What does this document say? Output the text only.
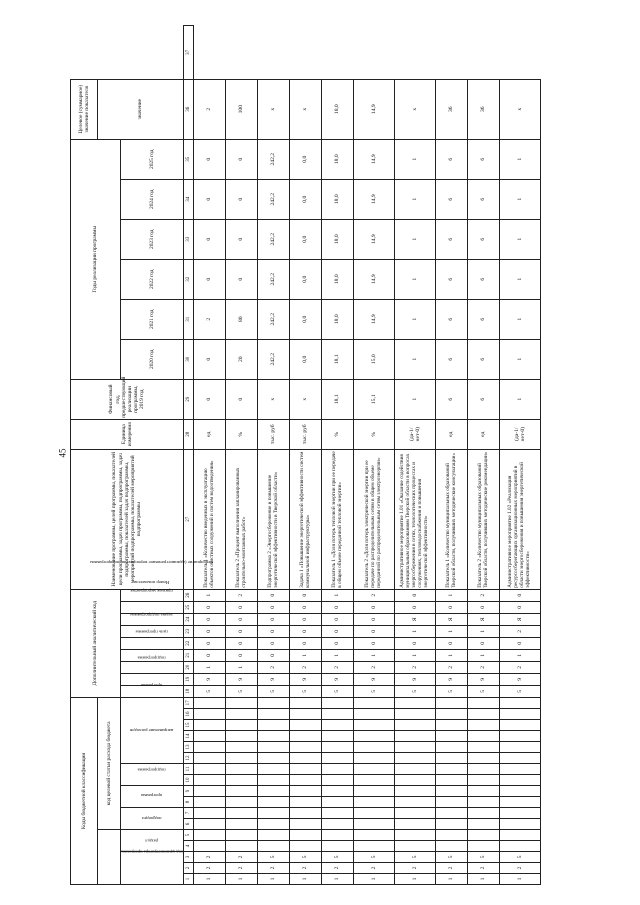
45
Коды бюджетной классификации																	Дополнительный аналитический код									Наименование программы, целей программы, показателей цели программы, задач программы, подпрограммы, задач подпрограммы, показателей задач подпрограммы, мероприятий подпрограммы, показателей мероприятий подпрограммы	Единица измерения	Финансовый год, предшествующий реализации программы, 2019 год	Годы реализации программы						Целевое (суммарное) значение показателя	
					код целевой статьи расхода бюджета																														значение	
код администратора программы			раздел		подраздел		программа		подпрограмма		направление расходов						программа		подпрограмма		цель программы	задача подпрограммы	мероприятие (административное мероприятие) подпрограммы	признак мероприятия	Номер показателя				2020 год	2021 год	2022 год	2023 год	2024 год	2025 год		
1	2	3	4	5	6	7	8	9	10	11	12	13	14	15	16	17	18	19	20	21	22	23	24	25	26	27	28	29	30	31	32	33	34	35	36	37
1	2	2															5	9	1	0	0	0	0	0	1	Показатель 1 «Количество введенных в эксплуатацию объектов очистных сооружений и систем водоотведения»	ед	0	0	2	0	0	0	0	2	
1	2	2															5	9	1	0	0	0	0	0	2	Показатель 2 «Процент выполнения запланированных строительно-монтажных работ»	%	0	20	80	0	0	0	0	100	
1	2	5															5	9	2	0	0	0	0	0	0	Подпрограмма 2 «Энергосбережение и повышение энергетической эффективности в Тверской области»	тыс. руб	х	242,2	242,2	242,2	242,2	242,2	242,2	х	
1	2	5															5	9	2	1	0	0	0	0	0	Задача 1 «Повышение энергетической эффективности систем коммунальной инфраструктуры»	тыс. руб	х	0,0	0,0	0,0	0,0	0,0	0,0	х	
1	2	5															5	9	2	1	0	0	0	0	1	Показатель 1 «Доля потерь тепловой энергии при ее передаче в общем объеме переданной тепловой энергии»	%	18,1	18,1	18,0	18,0	18,0	18,0	18,0	18,0	
1	2	5															5	9	2	1	0	0	0	0	2	Показатель 2 «Доля потерь электрической энергии при ее передаче по распределительным сетям в общем объеме переданной по распределительным сетям электроэнергии»	%	15,1	15,0	14,9	14,9	14,9	14,9	14,9	14,9	
1	2	5															5	9	2	1	0	1	Я	0	0	Административное мероприятие 1.01 «Оказание содействия муниципальным образованиям Тверской области в вопросах энергосбережения в сетях, технологических процессах и сооружениях, тепловодоснабжения и повышения энергетической эффективности»	(да-1/ нет-0)	1	1	1	1	1	1	1	х	
1	2	5															5	9	2	1	0	1	Я	0	1	Показатель 1 «Количество муниципальных образований Тверской области, получивших методические консультации»	ед	6	6	6	6	6	6	6	36	
1	2	5															5	9	2	1	0	1	Я	0	2	Показатель 2 «Количество муниципальных образований Тверской области, получивших методические рекомендации»	ед	6	6	6	6	6	6	6	36	
1	2	5															5	9	2	1	0	2	Я	0	0	Административное мероприятие 1.02 «Реализация ресурсосберегающих организационных мероприятий в области энергосбережения и повышения энергетической эффективности»	(да-1/ нет-0)	1	1	1	1	1	1	1	х	
